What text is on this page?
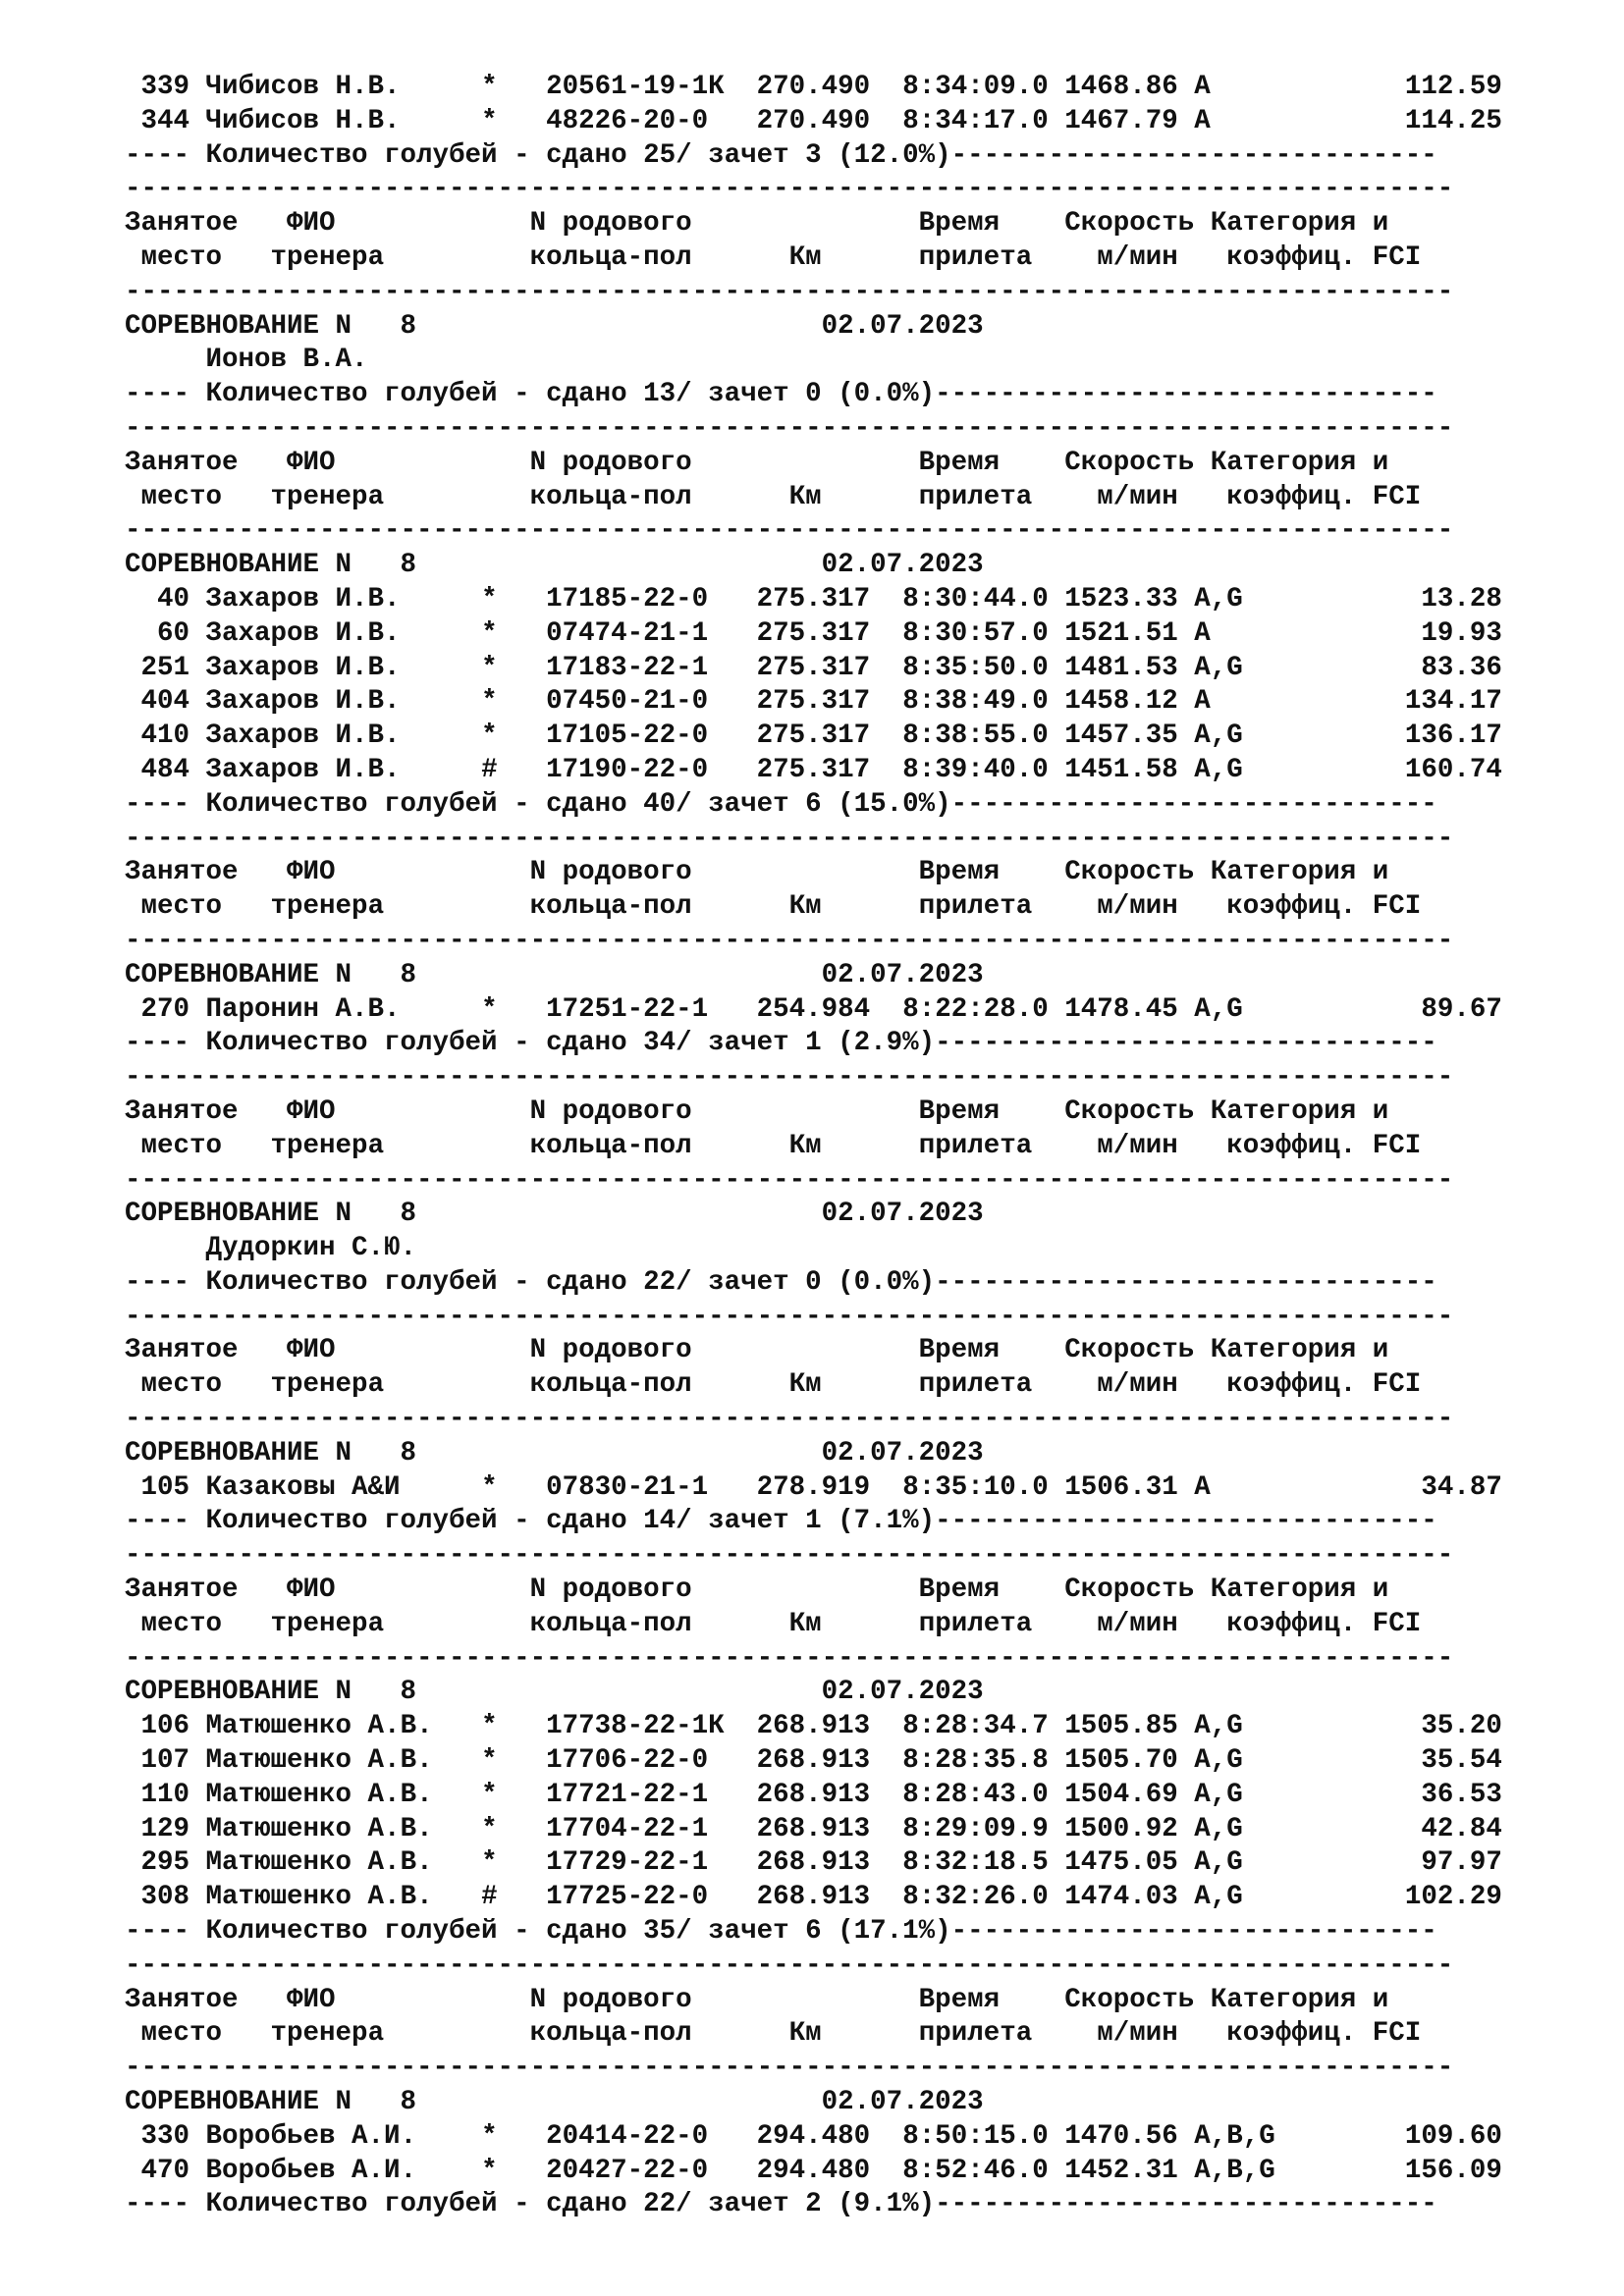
339 Чибисов Н.В.     * 20561-19-1К  270.490 8:34:09.0 1468.86 A            112.59
344 Чибисов Н.В.     * 48226-20-0   270.490 8:34:17.0 1467.79 A            114.25
---- Количество голубей - сдано 25/ зачет 3 (12.0%)------------------------------
----------------------------------------------------------------------------------
Занятое ФИО            N родового              Время Скорость Категория и
место тренера         кольца-пол	Км	прилета м/мин коэффиц. FCI
----------------------------------------------------------------------------------
СОРЕВНОВАНИЕ N   8                         02.07.2023
Ионов В.А.
---- Количество голубей - сдано 13/ зачет 0 (0.0%)-------------------------------
----------------------------------------------------------------------------------
Занятое ФИО            N родового              Время Скорость Категория и
место тренера         кольца-пол	Км	прилета м/мин коэффиц. FCI
----------------------------------------------------------------------------------
СОРЕВНОВАНИЕ N   8                         02.07.2023
40 Захаров И.В.     * 17185-22-0   275.317 8:30:44.0 1523.33 A,G           13.28
60 Захаров И.В.     * 07474-21-1   275.317 8:30:57.0 1521.51 A             19.93
251 Захаров И.В.     * 17183-22-1   275.317 8:35:50.0 1481.53 A,G           83.36
404 Захаров И.В.     * 07450-21-0   275.317 8:38:49.0 1458.12 A            134.17
410 Захаров И.В.     * 17105-22-0   275.317 8:38:55.0 1457.35 A,G          136.17
484 Захаров И.В.     # 17190-22-0   275.317 8:39:40.0 1451.58 A,G          160.74
---- Количество голубей - сдано 40/ зачет 6 (15.0%)------------------------------
----------------------------------------------------------------------------------
Занятое ФИО            N родового              Время Скорость Категория и
место тренера         кольца-пол	Км	прилета м/мин коэффиц. FCI
----------------------------------------------------------------------------------
СОРЕВНОВАНИЕ N   8                         02.07.2023
270 Паронин А.В.     * 17251-22-1   254.984 8:22:28.0 1478.45 A,G           89.67
---- Количество голубей - сдано 34/ зачет 1 (2.9%)-------------------------------
----------------------------------------------------------------------------------
Занятое ФИО            N родового              Время Скорость Категория и
место тренера         кольца-пол	Км	прилета м/мин коэффиц. FCI
----------------------------------------------------------------------------------
СОРЕВНОВАНИЕ N   8                         02.07.2023
Дудоркин С.Ю.
---- Количество голубей - сдано 22/ зачет 0 (0.0%)-------------------------------
----------------------------------------------------------------------------------
Занятое ФИО            N родового              Время Скорость Категория и
место тренера         кольца-пол	Км	прилета м/мин коэффиц. FCI
----------------------------------------------------------------------------------
СОРЕВНОВАНИЕ N   8                         02.07.2023
105 Казаковы А&И     * 07830-21-1   278.919 8:35:10.0 1506.31 A             34.87
---- Количество голубей - сдано 14/ зачет 1 (7.1%)-------------------------------
----------------------------------------------------------------------------------
Занятое ФИО            N родового              Время Скорость Категория и
место тренера         кольца-пол	Км	прилета м/мин коэффиц. FCI
----------------------------------------------------------------------------------
СОРЕВНОВАНИЕ N   8                         02.07.2023
106 Матюшенко А.В.   * 17738-22-1К  268.913 8:28:34.7 1505.85 A,G           35.20
107 Матюшенко А.В.   * 17706-22-0   268.913 8:28:35.8 1505.70 A,G           35.54
110 Матюшенко А.В.   * 17721-22-1   268.913 8:28:43.0 1504.69 A,G           36.53
129 Матюшенко А.В.   * 17704-22-1   268.913 8:29:09.9 1500.92 A,G           42.84
295 Матюшенко А.В.   * 17729-22-1   268.913 8:32:18.5 1475.05 A,G           97.97
308 Матюшенко А.В.   # 17725-22-0   268.913 8:32:26.0 1474.03 A,G          102.29
---- Количество голубей - сдано 35/ зачет 6 (17.1%)------------------------------
----------------------------------------------------------------------------------
Занятое ФИО            N родового              Время Скорость Категория и
место тренера         кольца-пол	Км	прилета м/мин коэффиц. FCI
----------------------------------------------------------------------------------
СОРЕВНОВАНИЕ N   8                         02.07.2023
330 Воробьев А.И.    * 20414-22-0   294.480 8:50:15.0 1470.56 A,B,G        109.60
470 Воробьев А.И.    * 20427-22-0   294.480 8:52:46.0 1452.31 A,B,G        156.09
---- Количество голубей - сдано 22/ зачет 2 (9.1%)-------------------------------
